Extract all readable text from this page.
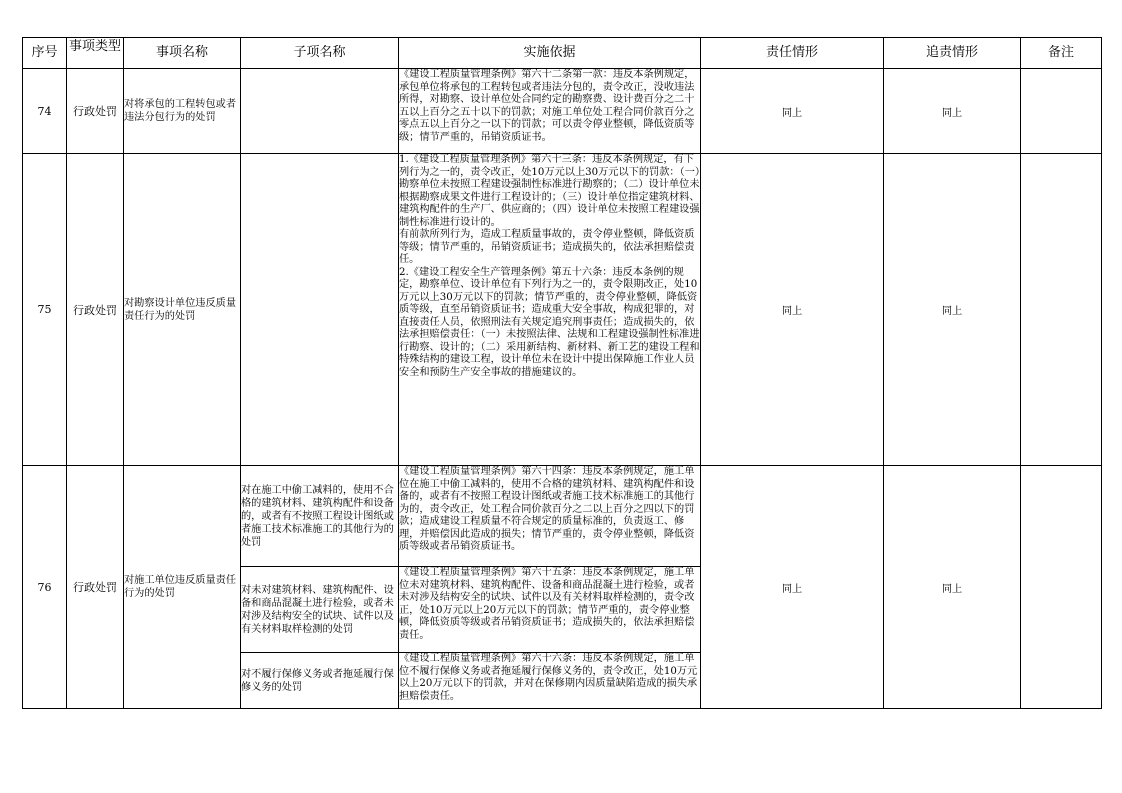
序号	事项类型	事项名称	子项名称	实施依据	责任情形	追责情形	备注
74	行政处罚	对将承包的工程转包或者违法分包行为的处罚		《建设工程质量管理条例》第六十二条第一款：违反本条例规定，承包单位将承包的工程转包或者违法分包的，责令改正，没收违法所得，对勘察、设计单位处合同约定的勘察费、设计费百分之二十五以上百分之五十以下的罚款；对施工单位处工程合同价款百分之零点五以上百分之一以下的罚款；可以责令停业整顿，降低资质等级；情节严重的，吊销资质证书。	同上	同上	
75	行政处罚	对勘察设计单位违反质量责任行为的处罚		1.《建设工程质量管理条例》第六十三条：违反本条例规定，有下列行为之一的，责令改正，处10万元以上30万元以下的罚款：（一）勘察单位未按照工程建设强制性标准进行勘察的；（二）设计单位未根据勘察成果文件进行工程设计的；（三）设计单位指定建筑材料、建筑构配件的生产厂、供应商的；（四）设计单位未按照工程建设强制性标准进行设计的。
有前款所列行为，造成工程质量事故的，责令停业整顿，降低资质等级；情节严重的，吊销资质证书；造成损失的，依法承担赔偿责任。
2.《建设工程安全生产管理条例》第五十六条：违反本条例的规定，勘察单位、设计单位有下列行为之一的，责令限期改正，处10万元以上30万元以下的罚款；情节严重的，责令停业整顿，降低资质等级，直至吊销资质证书；造成重大安全事故，构成犯罪的，对直接责任人员，依照刑法有关规定追究刑事责任；造成损失的，依法承担赔偿责任：（一）未按照法律、法规和工程建设强制性标准进行勘察、设计的；（二）采用新结构、新材料、新工艺的建设工程和特殊结构的建设工程，设计单位未在设计中提出保障施工作业人员安全和预防生产安全事故的措施建议的。	同上	同上	
76	行政处罚	对施工单位违反质量责任行为的处罚	对在施工中偷工减料的，使用不合格的建筑材料、建筑构配件和设备的，或者有不按照工程设计图纸或者施工技术标准施工的其他行为的处罚	《建设工程质量管理条例》第六十四条：违反本条例规定，施工单位在施工中偷工减料的，使用不合格的建筑材料、建筑构配件和设备的，或者有不按照工程设计图纸或者施工技术标准施工的其他行为的，责令改正，处工程合同价款百分之二以上百分之四以下的罚款；造成建设工程质量不符合规定的质量标准的，负责返工、修理，并赔偿因此造成的损失；情节严重的，责令停业整顿，降低资质等级或者吊销资质证书。	同上	同上	
			对未对建筑材料、建筑构配件、设备和商品混凝土进行检验，或者未对涉及结构安全的试块、试件以及有关材料取样检测的处罚	《建设工程质量管理条例》第六十五条：违反本条例规定，施工单位未对建筑材料、建筑构配件、设备和商品混凝土进行检验，或者未对涉及结构安全的试块、试件以及有关材料取样检测的，责令改正，处10万元以上20万元以下的罚款；情节严重的，责令停业整顿，降低资质等级或者吊销资质证书；造成损失的，依法承担赔偿责任。			

			对不履行保修义务或者拖延履行保修义务的处罚	《建设工程质量管理条例》第六十六条：违反本条例规定，施工单位不履行保修义务或者拖延履行保修义务的，责令改正，处10万元以上20万元以下的罚款，并对在保修期内因质量缺陷造成的损失承担赔偿责任。			
